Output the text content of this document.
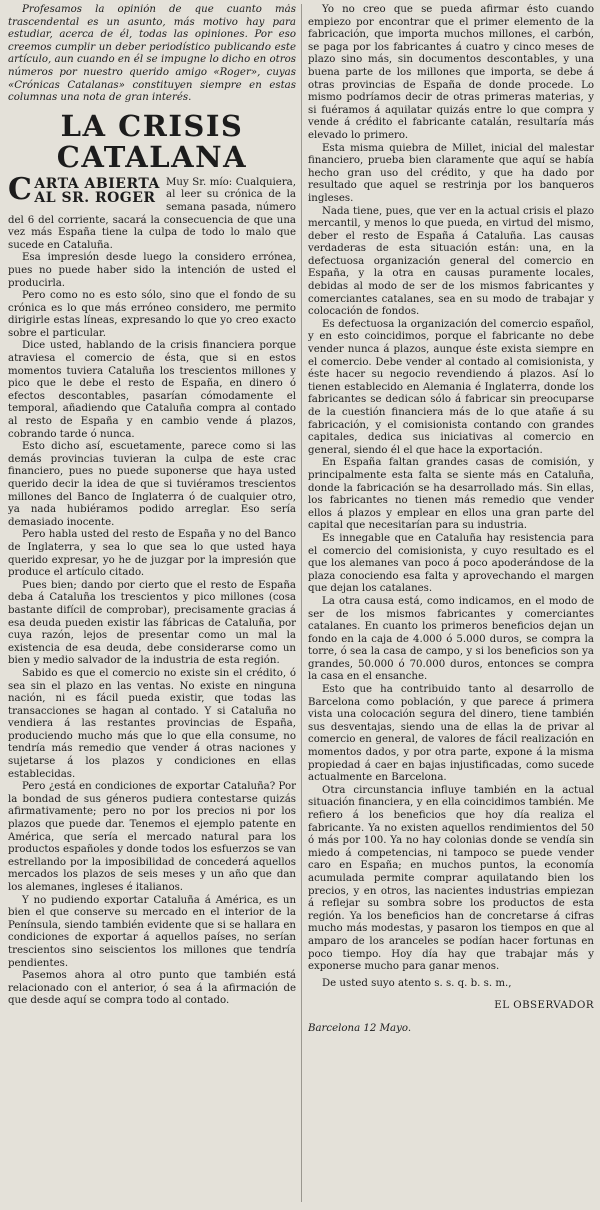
Profesamos la opinión de que cuanto más trascendental es un asunto, más motivo hay para estudiar, acerca de él, todas las opiniones. Por eso creemos cumplir un deber periodístico publicando este artículo, aun cuando en él se impugne lo dicho en otros números por nuestro querido amigo «Roger», cuyas «Crónicas Catalanas» constituyen siempre en estas columnas una nota de gran interés.

LA CRISIS CATALANA
C ARTA ABIERTA
AL SR. ROGER

Muy Sr. mío: Cualquiera, al leer su crónica de la semana pasada, número del 6 del corriente, sacará la consecuencia de que una vez más España tiene la culpa de todo lo malo que sucede en Cataluña.

Esa impresión desde luego la considero errónea, pues no puede haber sido la intención de usted el producirla.

Pero como no es esto sólo, sino que el fondo de su crónica es lo que más erróneo considero, me permito dirigirle estas líneas, expresando lo que yo creo exacto sobre el particular.

Dice usted, hablando de la crisis financiera porque atraviesa el comercio de ésta, que si en estos momentos tuviera Cataluña los trescientos millones y pico que le debe el resto de España, en dinero ó efectos descontables, pasarían cómodamente el temporal, añadiendo que Cataluña compra al contado al resto de España y en cambio vende á plazos, cobrando tarde ó nunca.

Esto dicho así, escuetamente, parece como si las demás provincias tuvieran la culpa de este crac financiero, pues no puede suponerse que haya usted querido decir la idea de que si tuviéramos trescientos millones del Banco de Inglaterra ó de cualquier otro, ya nada hubiéramos podido arreglar. Eso sería demasiado inocente.

Pero habla usted del resto de España y no del Banco de Inglaterra, y sea lo que sea lo que usted haya querido expresar, yo he de juzgar por la impresión que produce el artículo citado.

Pues bien; dando por cierto que el resto de España deba á Cataluña los trescientos y pico millones (cosa bastante difícil de comprobar), precisamente gracias á esa deuda pueden existir las fábricas de Cataluña, por cuya razón, lejos de presentar como un mal la existencia de esa deuda, debe considerarse como un bien y medio salvador de la industria de esta región.

Sabido es que el comercio no existe sin el crédito, ó sea sin el plazo en las ventas. No existe en ninguna nación, ni es fácil pueda existir, que todas las transacciones se hagan al contado. Y si Cataluña no vendiera á las restantes provincias de España, produciendo mucho más que lo que ella consume, no tendría más remedio que vender á otras naciones y sujetarse á los plazos y condiciones en ellas establecidas.

Pero ¿está en condiciones de exportar Cataluña? Por la bondad de sus géneros pudiera contestarse quizás afirmativamente; pero no por los precios ni por los plazos que puede dar. Tenemos el ejemplo patente en América, que sería el mercado natural para los productos españoles y donde todos los esfuerzos se van estrellando por la imposibilidad de concederá aquellos mercados los plazos de seis meses y un año que dan los alemanes, ingleses é italianos.

Y no pudiendo exportar Cataluña á América, es un bien el que conserve su mercado en el interior de la Península, siendo también evidente que si se hallara en condiciones de exportar á aquellos países, no serían trescientos sino seiscientos los millones que tendría pendientes.

Pasemos ahora al otro punto que también está relacionado con el anterior, ó sea á la afirmación de que desde aquí se compra todo al contado.

Yo no creo que se pueda afirmar ésto cuando empiezo por encontrar que el primer elemento de la fabricación, que importa muchos millones, el carbón, se paga por los fabricantes á cuatro y cinco meses de plazo sino más, sin documentos descontables, y una buena parte de los millones que importa, se debe á otras provincias de España de donde procede. Lo mismo podríamos decir de otras primeras materias, y si fuéramos á aquilatar quizás entre lo que compra y vende á crédito el fabricante catalán, resultaría más elevado lo primero.

Esta misma quiebra de Millet, inicial del malestar financiero, prueba bien claramente que aquí se había hecho gran uso del crédito, y que ha dado por resultado que aquel se restrinja por los banqueros ingleses.

Nada tiene, pues, que ver en la actual crisis el plazo mercantil, y menos lo que pueda, en virtud del mismo, deber el resto de España á Cataluña. Las causas verdaderas de esta situación están: una, en la defectuosa organización general del comercio en España, y la otra en causas puramente locales, debidas al modo de ser de los mismos fabricantes y comerciantes catalanes, sea en su modo de trabajar y colocación de fondos.

Es defectuosa la organización del comercio español, y en esto coincidimos, porque el fabricante no debe vender nunca á plazos, aunque éste exista siempre en el comercio. Debe vender al contado al comisionista, y éste hacer su negocio revendiendo á plazos. Así lo tienen establecido en Alemania é Inglaterra, donde los fabricantes se dedican sólo á fabricar sin preocuparse de la cuestión financiera más de lo que atañe á su fabricación, y el comisionista contando con grandes capitales, dedica sus iniciativas al comercio en general, siendo él el que hace la exportación.

En España faltan grandes casas de comisión, y principalmente esta falta se siente más en Cataluña, donde la fabricación se ha desarrollado más. Sin ellas, los fabricantes no tienen más remedio que vender ellos á plazos y emplear en ellos una gran parte del capital que necesitarían para su industria.

Es innegable que en Cataluña hay resistencia para el comercio del comisionista, y cuyo resultado es el que los alemanes van poco á poco apoderándose de la plaza conociendo esa falta y aprovechando el margen que dejan los catalanes.

La otra causa está, como indicamos, en el modo de ser de los mismos fabricantes y comerciantes catalanes. En cuanto los primeros beneficios dejan un fondo en la caja de 4.000 ó 5.000 duros, se compra la torre, ó sea la casa de campo, y si los beneficios son ya grandes, 50.000 ó 70.000 duros, entonces se compra la casa en el ensanche.

Esto que ha contribuido tanto al desarrollo de Barcelona como población, y que parece á primera vista una colocación segura del dinero, tiene también sus desventajas, siendo una de ellas la de privar al comercio en general, de valores de fácil realización en momentos dados, y por otra parte, expone á la misma propiedad á caer en bajas injustificadas, como sucede actualmente en Barcelona.

Otra circunstancia influye también en la actual situación financiera, y en ella coincidimos también. Me refiero á los beneficios que hoy día realiza el fabricante. Ya no existen aquellos rendimientos del 50 ó más por 100. Ya no hay colonias donde se vendía sin miedo á competencias, ni tampoco se puede vender caro en España; en muchos puntos, la economía acumulada permite comprar aquilatando bien los precios, y en otros, las nacientes industrias empiezan á reflejar su sombra sobre los productos de esta región. Ya los beneficios han de concretarse á cifras mucho más modestas, y pasaron los tiempos en que al amparo de los aranceles se podían hacer fortunas en poco tiempo. Hoy día hay que trabajar más y exponerse mucho para ganar menos.

De usted suyo atento s. s. q. b. s. m.,

EL OBSERVADOR

Barcelona 12 Mayo.
